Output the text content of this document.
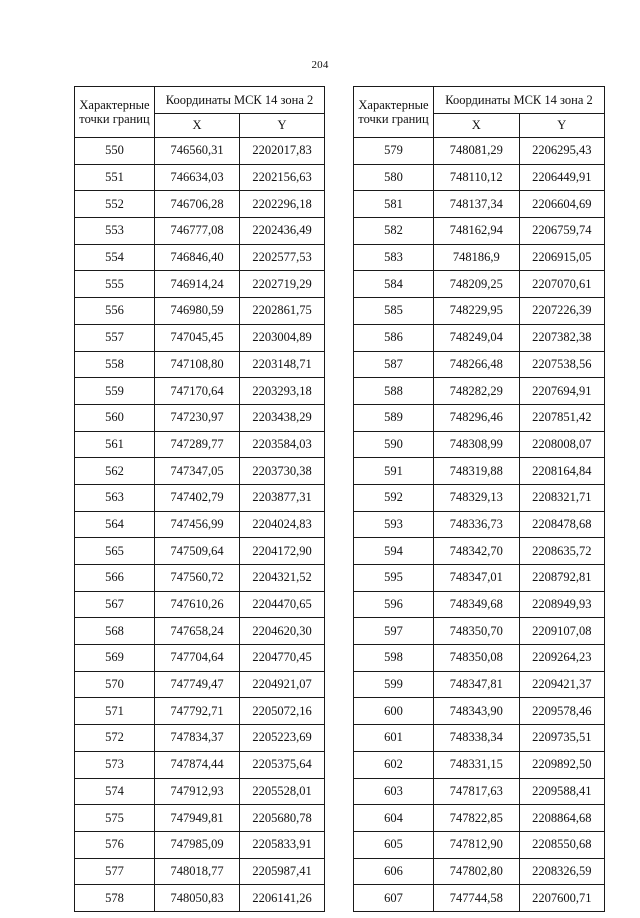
204
Характерные
точки границ	Координаты МСК 14 зона 2	
	X	Y
550	746560,31	2202017,83
551	746634,03	2202156,63
552	746706,28	2202296,18
553	746777,08	2202436,49
554	746846,40	2202577,53
555	746914,24	2202719,29
556	746980,59	2202861,75
557	747045,45	2203004,89
558	747108,80	2203148,71
559	747170,64	2203293,18
560	747230,97	2203438,29
561	747289,77	2203584,03
562	747347,05	2203730,38
563	747402,79	2203877,31
564	747456,99	2204024,83
565	747509,64	2204172,90
566	747560,72	2204321,52
567	747610,26	2204470,65
568	747658,24	2204620,30
569	747704,64	2204770,45
570	747749,47	2204921,07
571	747792,71	2205072,16
572	747834,37	2205223,69
573	747874,44	2205375,64
574	747912,93	2205528,01
575	747949,81	2205680,78
576	747985,09	2205833,91
577	748018,77	2205987,41
578	748050,83	2206141,26
Характерные
точки границ	Координаты МСК 14 зона 2	
	X	Y
579	748081,29	2206295,43
580	748110,12	2206449,91
581	748137,34	2206604,69
582	748162,94	2206759,74
583	748186,9	2206915,05
584	748209,25	2207070,61
585	748229,95	2207226,39
586	748249,04	2207382,38
587	748266,48	2207538,56
588	748282,29	2207694,91
589	748296,46	2207851,42
590	748308,99	2208008,07
591	748319,88	2208164,84
592	748329,13	2208321,71
593	748336,73	2208478,68
594	748342,70	2208635,72
595	748347,01	2208792,81
596	748349,68	2208949,93
597	748350,70	2209107,08
598	748350,08	2209264,23
599	748347,81	2209421,37
600	748343,90	2209578,46
601	748338,34	2209735,51
602	748331,15	2209892,50
603	747817,63	2209588,41
604	747822,85	2208864,68
605	747812,90	2208550,68
606	747802,80	2208326,59
607	747744,58	2207600,71
